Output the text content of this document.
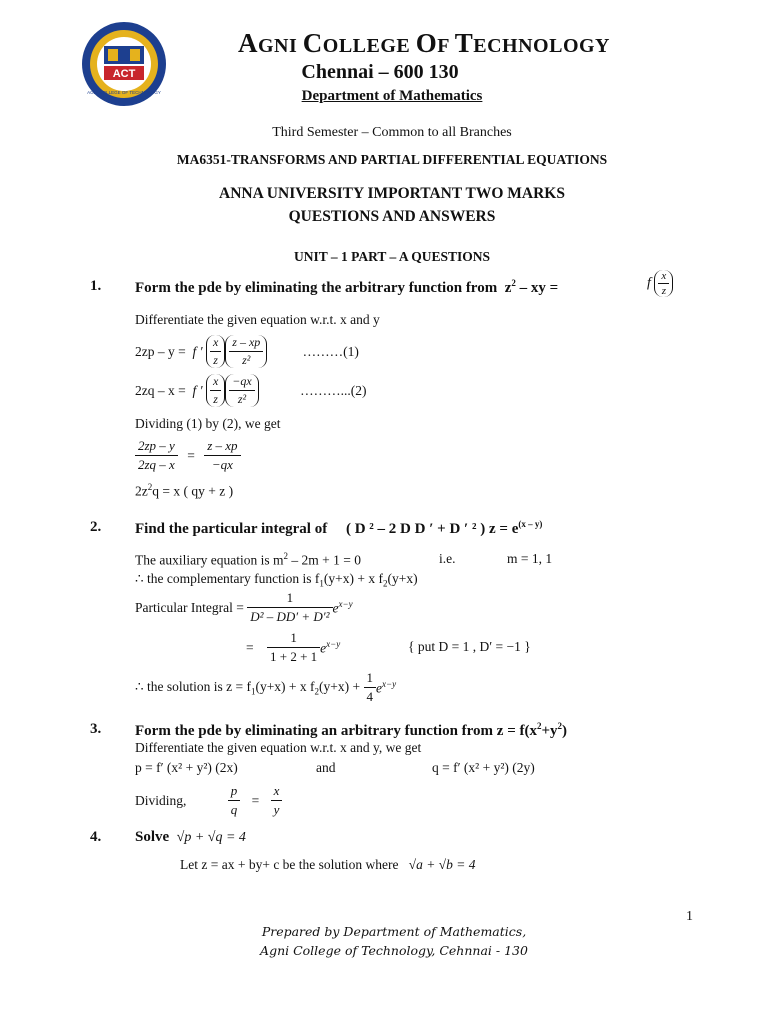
ACT
AGNI COLLEGE OF TECHNOLOGY
AGNI COLLEGE OF TECHNOLOGY
Chennai – 600 130
Department of Mathematics
Third Semester – Common to all Branches
MA6351-TRANSFORMS AND PARTIAL DIFFERENTIAL EQUATIONS
ANNA UNIVERSITY IMPORTANT TWO MARKS
QUESTIONS AND ANSWERS
UNIT – 1 PART – A QUESTIONS
1. Form the pde by eliminating the arbitrary function from $z^2$ – xy =	f $\frac{x}{z}$
Differentiate the given equation w.r.t. x and y
2zp – y = f ′ $\frac{x}{z} \frac{z - xp}{\text{z²}}$	………(1)
2zq – x = f ′ $\frac{x}{z} \frac{-qx}{\text{z²}}$	………...(2)
Dividing (1) by (2), we get
$\frac{2zp - y}{2zq - x} = \frac{z - xp}{-qx}$
$2z^2q = x$ ( qy + z )
2. Find the particular integral of ( D ² – 2 D D ′ + D ′ ² ) $z = e^{(x - y)}$
The auxiliary equation is $m^2 - 2m + 1 = 0$	i.e.	m = 1, 1
∴ the complementary function is $f_1(y+x) + x$ $f_2(y+x)$
Particular Integral = $\frac{1}{\text{D² – DD′ + D′²}} e^{x-y}$
= $\frac{1}{1 + 2 + 1} e^{x-y}$	{ put D = 1 , D′ = −1 }
∴ the solution is $z = f_1(y+x) + x$ $f_2(y+x) + \frac{1}{4} e^{x-y}$
3. Form the pde by eliminating an arbitrary function from $z = f(x^2+y^2)$
Differentiate the given equation w.r.t. x and y, we get
p = f′ (x² + y²) (2x)	and	q = f′ (x² + y²) (2y)
Dividing,	$\frac{p}{q} = \frac{x}{y}$
4. Solve √p + √q = 4
Let z = ax + by+ c be the solution where √a + √b = 4
1
Prepared by Department of Mathematics,
Agni College of Technology, Cehnnai - 130
